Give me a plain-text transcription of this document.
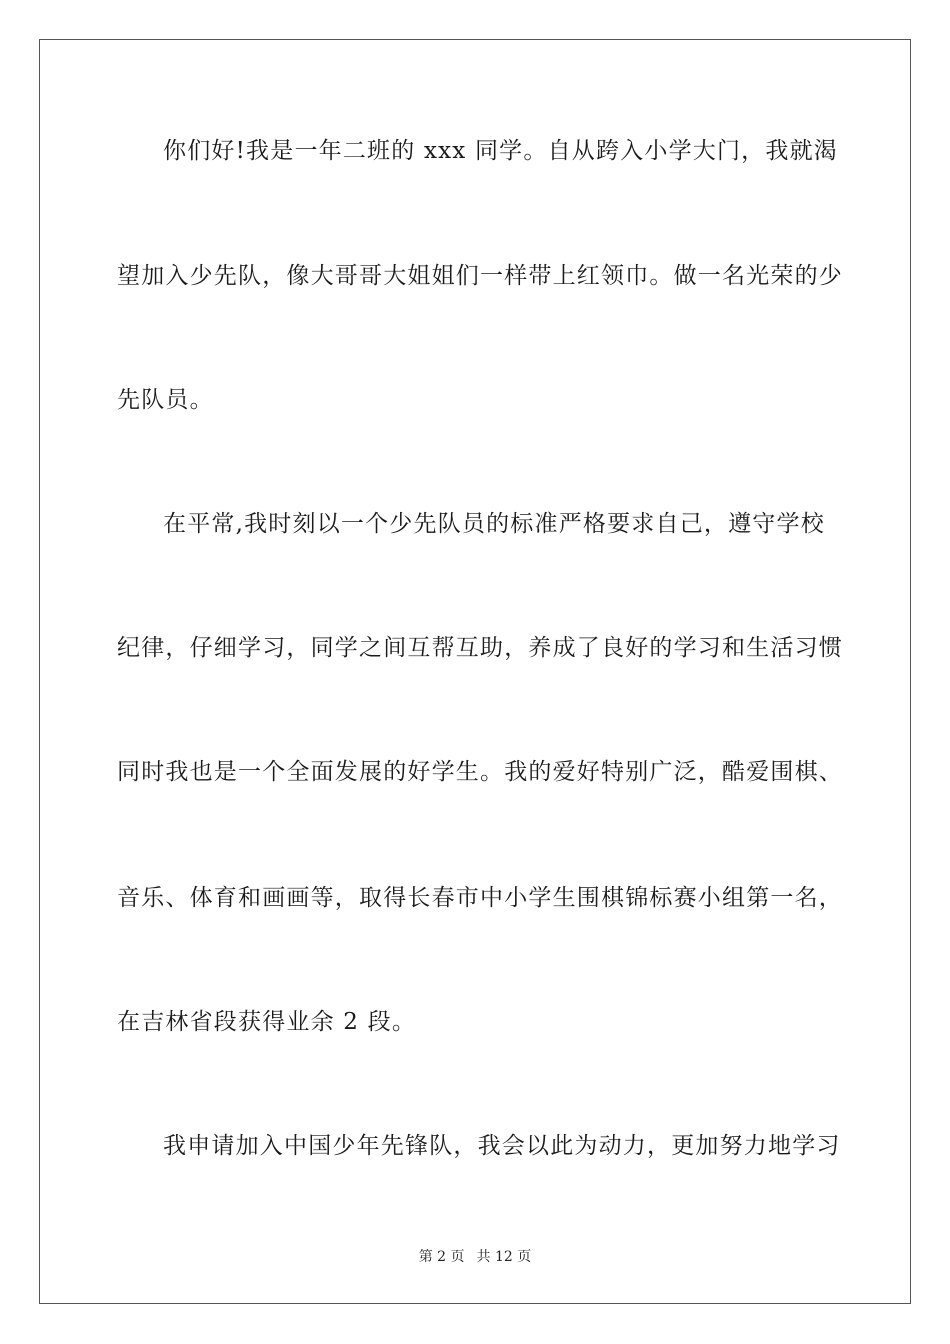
你们好!我是一年二班的 xxx 同学。自从跨入小学大门，我就渴
望加入少先队，像大哥哥大姐姐们一样带上红领巾。做一名光荣的少
先队员。
在平常,我时刻以一个少先队员的标准严格要求自己，遵守学校
纪律，仔细学习，同学之间互帮互助，养成了良好的学习和生活习惯
同时我也是一个全面发展的好学生。我的爱好特别广泛，酷爱围棋、
音乐、体育和画画等，取得长春市中小学生围棋锦标赛小组第一名，
在吉林省段获得业余 2 段。
我申请加入中国少年先锋队，我会以此为动力，更加努力地学习
第 2 页 共 12 页
